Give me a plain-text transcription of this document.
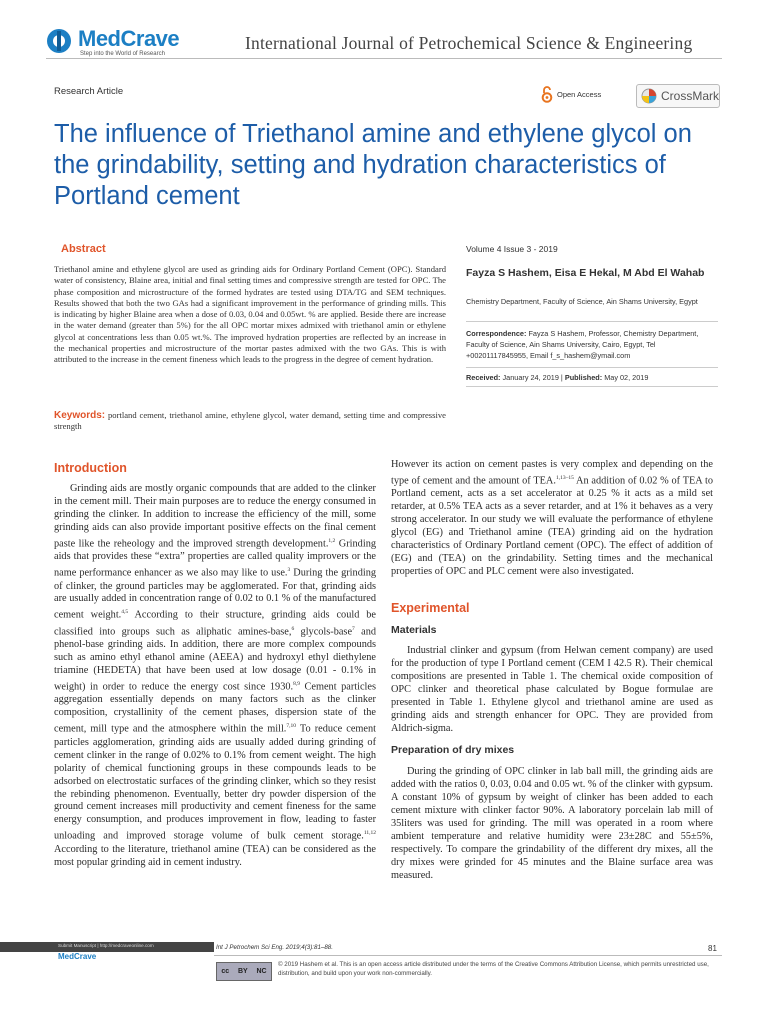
MedCrave
Step into the World of Research
International Journal of Petrochemical Science & Engineering
Research Article	Open Access	CrossMark
The influence of Triethanol amine and ethylene glycol on the grindability, setting and hydration characteristics of Portland cement
Abstract
Triethanol amine and ethylene glycol are used as grinding aids for Ordinary Portland Cement (OPC). Standard water of consistency, Blaine area, initial and final setting times and compressive strength are tested for OPC. The phase composition and microstructure of the formed hydrates are tested using DTA/TG and SEM techniques. Results showed that both the two GAs had a significant improvement in the performance of grinding mills. This is indicating by higher Blaine area when a dose of 0.03, 0.04 and 0.05wt. % are applied. Beside there are increase in the water demand (greater than 5%) for the all OPC mortar mixes admixed with triethanol amin or ethylene glycol at concentrations less than 0.05 wt.%. The improved hydration properties are reflected by an increase in the mechanical properties and microstructure of the mortar pastes admixed with the two GAs. This is with attributed to the increase in the cement fineness which leads to the progress in the degree of cement hydration.
Keywords: portland cement, triethanol amine, ethylene glycol, water demand, setting time and compressive strength
Volume 4 Issue 3 - 2019
Fayza S Hashem, Eisa E Hekal, M Abd El Wahab
Chemistry Department, Faculty of Science, Ain Shams University, Egypt
Correspondence: Fayza S Hashem, Professor, Chemistry Department, Faculty of Science, Ain Shams University, Cairo, Egypt, Tel +00201117845955, Email f_s_hashem@ymail.com
Received: January 24, 2019 | Published: May 02, 2019
Introduction
Grinding aids are mostly organic compounds that are added to the clinker in the cement mill. Their main purposes are to reduce the energy consumed in grinding the clinker. In addition to increase the efficiency of the mill, some grinding aids can also provide important positive effects on the final cement paste like the reheology and the improved strength development.$^{1,2}$ Grinding aids that provides these “extra” properties are called quality improvers or the name performance enhancer as we also may like to use.$^3$ During the grinding of clinker, the ground particles may be agglomerated. For that, grinding aids are usually added in concentration range of 0.02 to 0.1 % of the manufactured cement weight.$^{4,5}$ According to their structure, grinding aids could be classified into groups such as aliphatic amines-base,$^6$ glycols-base$^7$ and phenol-base grinding aids. In addition, there are more complex compounds such as amino ethyl ethanol amine (AEEA) and hydroxyl ethyl diethylene triamine (HEDETA) that have been used at low dosage (0.01 - 0.1% in weight) in order to reduce the energy cost since 1930.$^{8,9}$ Cement particles aggregation essentially depends on many factors such as the clinker composition, crystallinity of the cement phases, dispersion state of the cement, mill type and the atmosphere within the mill.$^{7,10}$ To reduce cement particles agglomeration, grinding aids are usually added during grinding of cement clinker in the range of 0.02% to 0.1% from cement weight. The high polarity of chemical functioning groups in these compounds leads to be adsorbed on electrostatic surfaces of the grinding clinker, which so they resist the rebinding phenomenon. Eventually, better dry powder dispersion of the ground cement increases mill productivity and cement fineness for the same energy consumption, and produces improvement in flow, leading to faster unloading and improved storage volume of bulk cement storage.$^{11,12}$ According to the literature, triethanol amine (TEA) can be considered as the most popular grinding aid in cement industry.
However its action on cement pastes is very complex and depending on the type of cement and the amount of TEA.$^{1,13-15}$ An addition of 0.02 % of TEA to Portland cement, acts as a set accelerator at 0.25 % it acts as a mild set retarder, at 0.5% TEA acts as a sever retarder, and at 1% it behaves as a very strong accelerator. In our study we will evaluate the performance of ethylene glycol (EG) and Triethanol amine (TEA) grinding aid on the hydration characteristics of Ordinary Portland cement (OPC). The effect of addition of (EG) and (TEA) on the grindability. Setting times and the mechanical properties of OPC and PLC cement were also investigated.
Experimental
Materials
Industrial clinker and gypsum (from Helwan cement company) are used for the production of type I Portland cement (CEM I 42.5 R). Their chemical compositions are presented in Table 1. The chemical oxide composition of OPC clinker and theoretical phase calculated by Bogue formulae are presented in Table 1. Ethylene glycol and triethanol amine are used as grinding aids and strength enhancer for OPC. They are provided from Aldrich-sigma.
Preparation of dry mixes
During the grinding of OPC clinker in lab ball mill, the grinding aids are added with the ratios 0, 0.03, 0.04 and 0.05 wt. % of the clinker with gypsum. A constant 10% of gypsum by weight of clinker has been added to each cement mixture with clinker factor 90%. A laboratory porcelain lab mill of 35liters was used for grinding. The mill was operated in a room where ambient temperature and relative humidity were 23±28C and 55±5%, respectively. To compare the grindability of the different dry mixes, all the dry mixes were grinded for 45 minutes and the Blaine surface area was measured.
Submit Manuscript | http://medcraveonline.com
MedCrave
Int J Petrochem Sci Eng. 2019;4(3):81‒88.	81
cc BY NC
© 2019 Hashem et al. This is an open access article distributed under the terms of the Creative Commons Attribution License, which permits unrestricted use, distribution, and build upon your work non-commercially.
